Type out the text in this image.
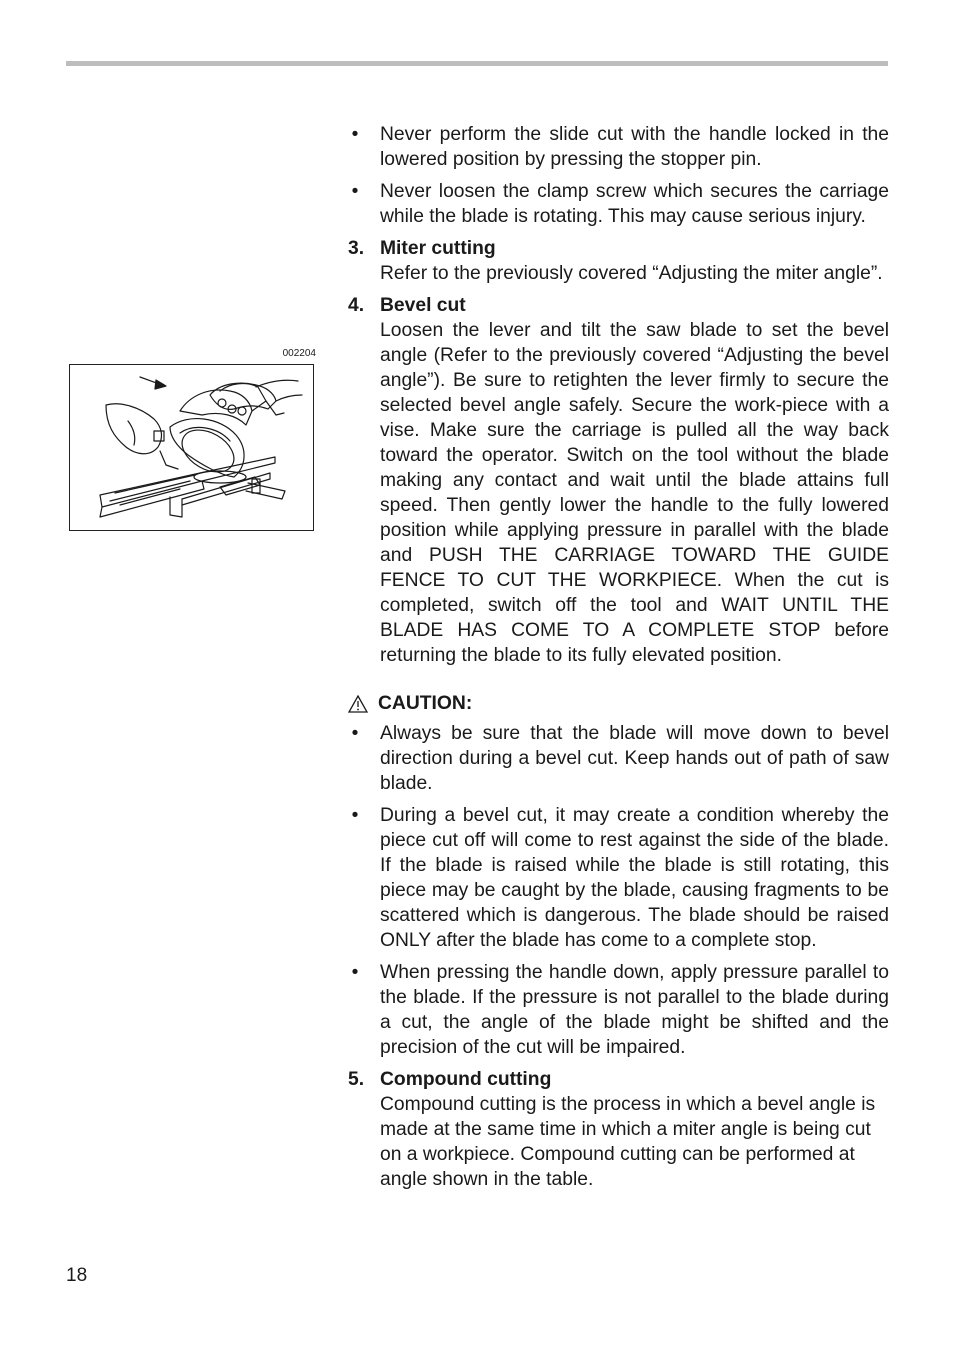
002204
• Never perform the slide cut with the handle locked in the lowered position by pressing the stopper pin.
• Never loosen the clamp screw which secures the carriage while the blade is rotating. This may cause serious injury.
3. Miter cutting
Refer to the previously covered “Adjusting the miter angle”.
4. Bevel cut
Loosen the lever and tilt the saw blade to set the bevel angle (Refer to the previously covered “Adjusting the bevel angle”). Be sure to retighten the lever firmly to secure the selected bevel angle safely. Secure the work-piece with a vise. Make sure the carriage is pulled all the way back toward the operator. Switch on the tool without the blade making any contact and wait until the blade attains full speed. Then gently lower the handle to the fully lowered position while applying pressure in parallel with the blade and PUSH THE CARRIAGE TOWARD THE GUIDE FENCE TO CUT THE WORKPIECE. When the cut is completed, switch off the tool and WAIT UNTIL THE BLADE HAS COME TO A COMPLETE STOP before returning the blade to its fully elevated position.
CAUTION:
• Always be sure that the blade will move down to bevel direction during a bevel cut. Keep hands out of path of saw blade.
• During a bevel cut, it may create a condition whereby the piece cut off will come to rest against the side of the blade. If the blade is raised while the blade is still rotating, this piece may be caught by the blade, causing fragments to be scattered which is dangerous. The blade should be raised ONLY after the blade has come to a complete stop.
• When pressing the handle down, apply pressure parallel to the blade. If the pressure is not parallel to the blade during a cut, the angle of the blade might be shifted and the precision of the cut will be impaired.
5. Compound cutting
Compound cutting is the process in which a bevel angle is made at the same time in which a miter angle is being cut on a workpiece. Compound cutting can be performed at angle shown in the table.
18
